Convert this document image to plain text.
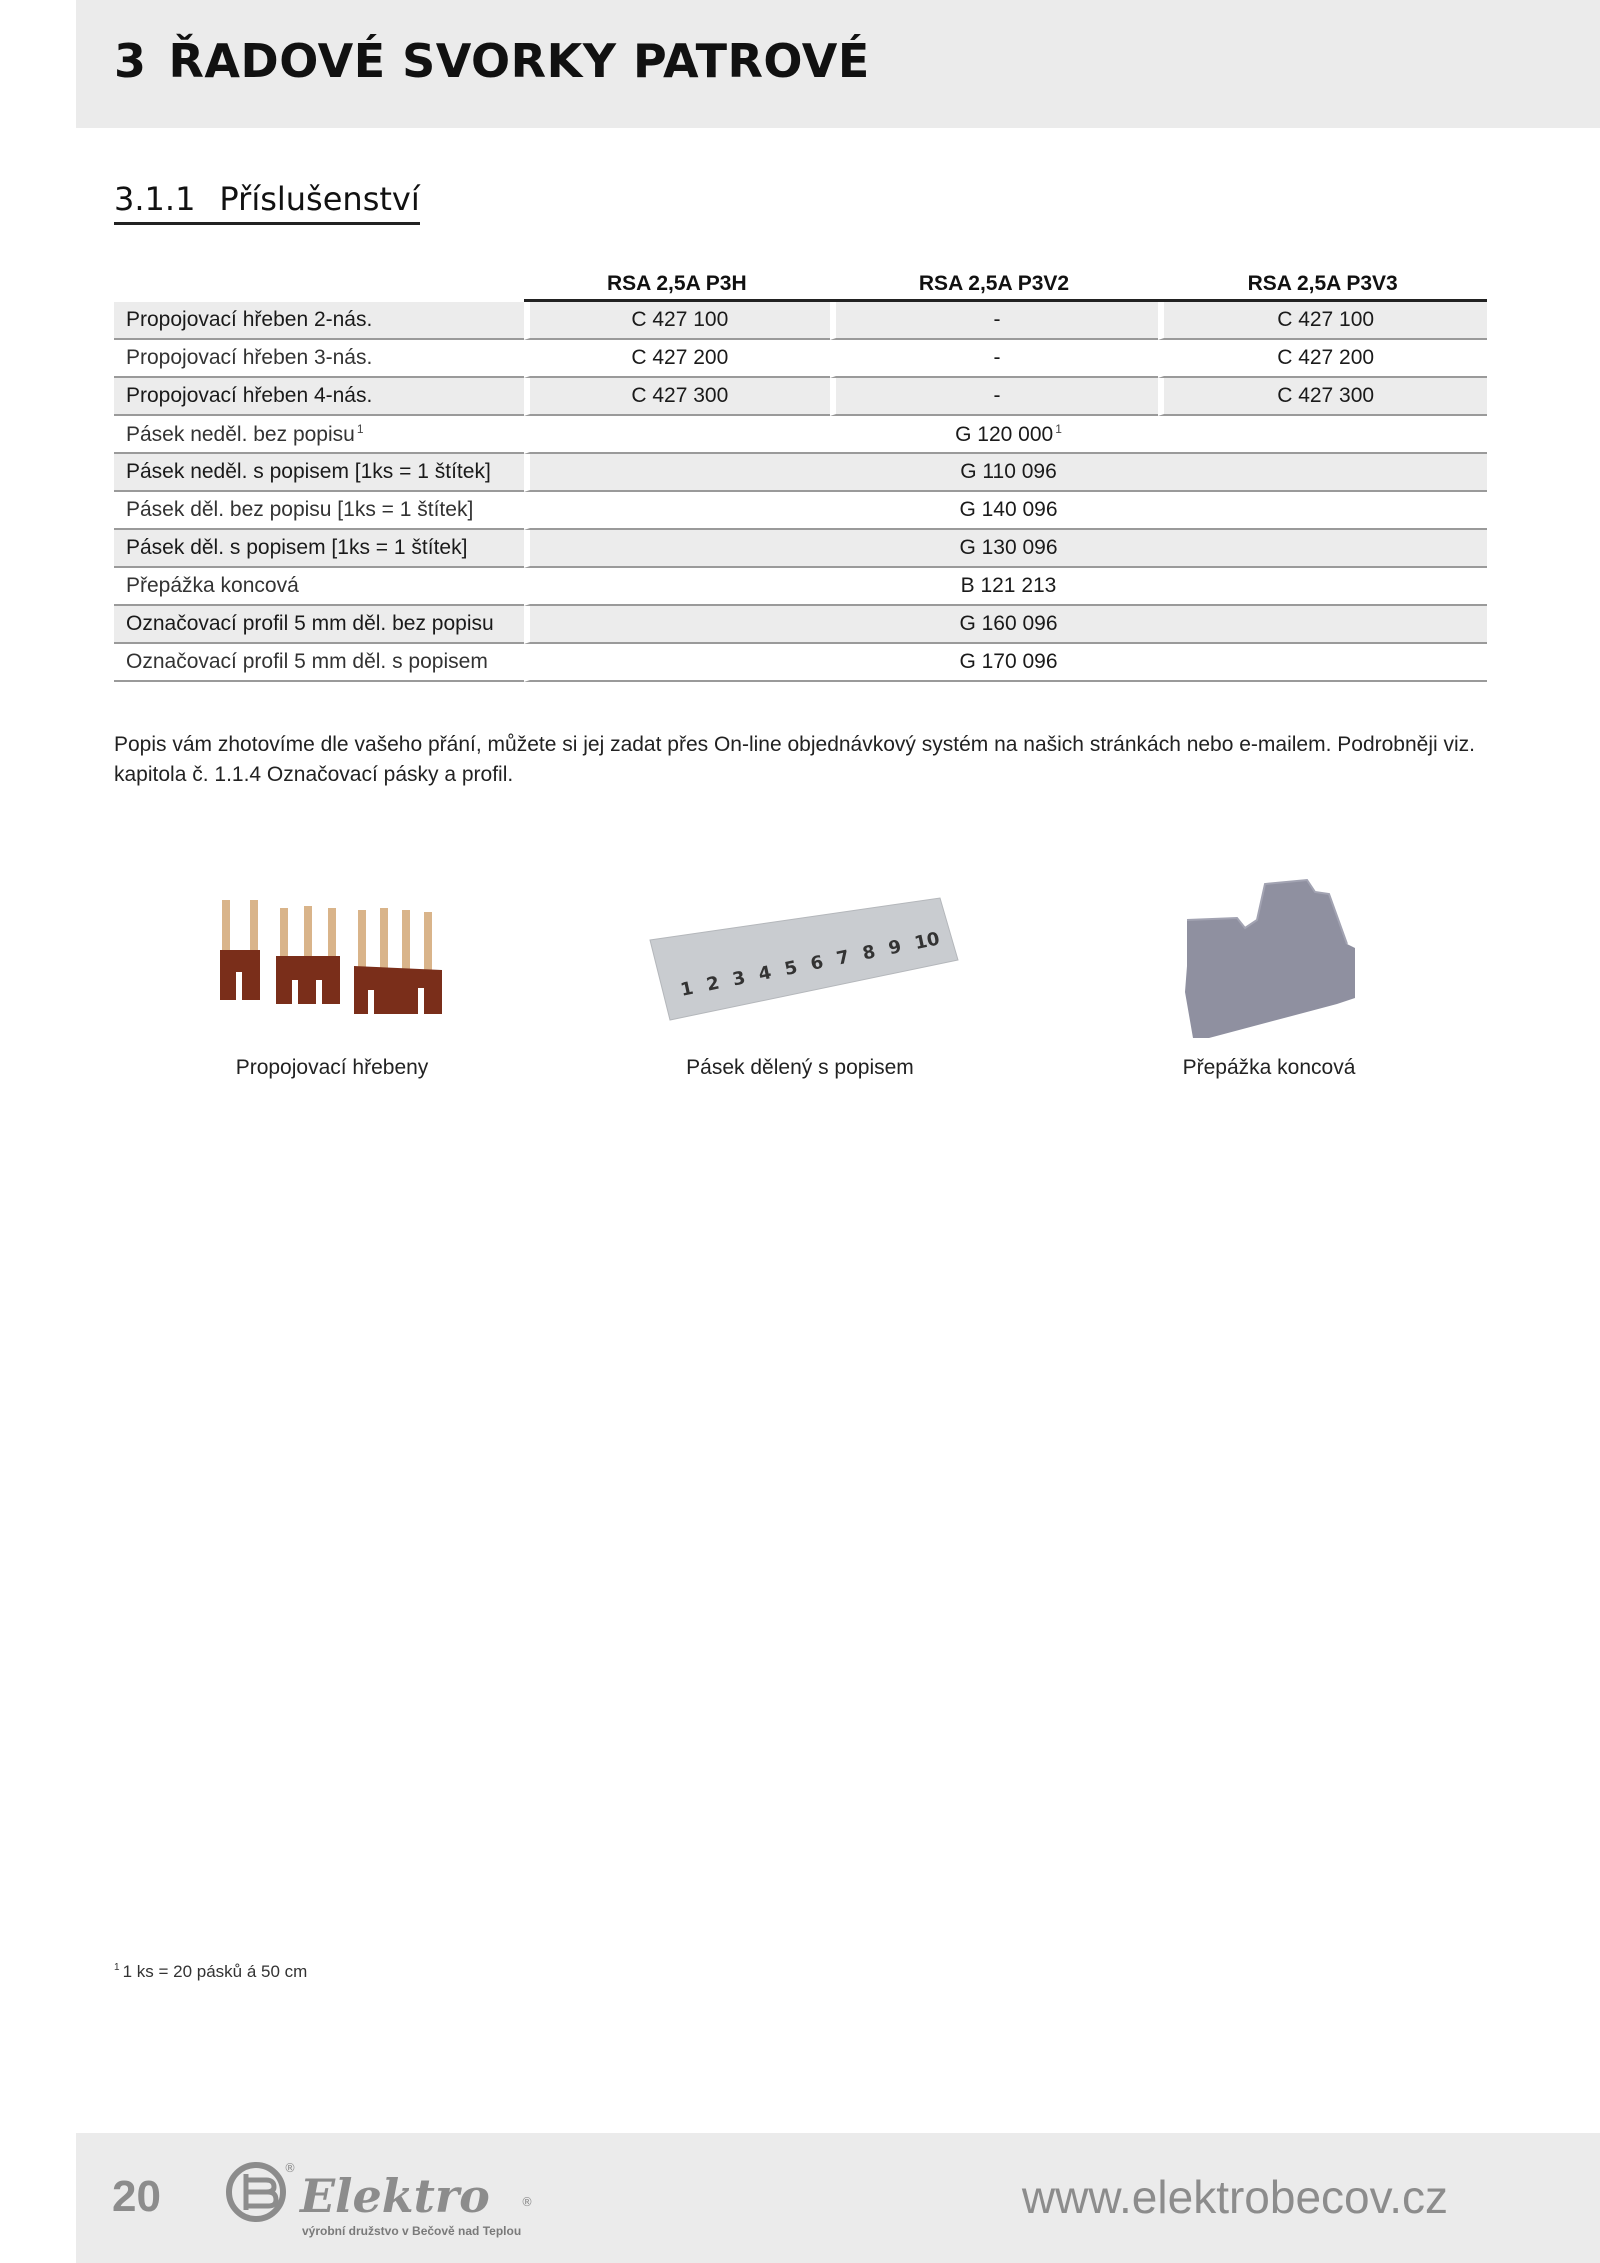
3 ŘADOVÉ SVORKY PATROVÉ
3.1.1 Příslušenství
	RSA 2,5A P3H	RSA 2,5A P3V2	RSA 2,5A P3V3
Propojovací hřeben 2-nás.	C 427 100	-	C 427 100
Propojovací hřeben 3-nás.	C 427 200	-	C 427 200
Propojovací hřeben 4-nás.	C 427 300	-	C 427 300
Pásek neděl. bez popisu $^1$	G 120 000 $^1$
Pásek neděl. s popisem [1ks = 1 štítek]	G 110 096		
Pásek děl. bez popisu [1ks = 1 štítek]	G 140 096		
Pásek děl. s popisem [1ks = 1 štítek]	G 130 096		
Přepážka koncová	B 121 213		
Označovací profil 5 mm děl. bez popisu	G 160 096		
Označovací profil 5 mm děl. s popisem	G 170 096		
Popis vám zhotovíme dle vašeho přání, můžete si jej zadat přes On-line objednávkový systém na našich stránkách nebo e-mailem. Podrobněji viz. kapitola č. 1.1.4 Označovací pásky a profil.
Propojovací hřebeny
1 2 3 4 5 6 7 8 9 10
Pásek dělený s popisem	Přepážka koncová
$^1$ 1 ks = 20 pásků á 50 cm
20
®
Elektro	®
výrobní družstvo v Bečově nad Teplou
www.elektrobecov.cz
